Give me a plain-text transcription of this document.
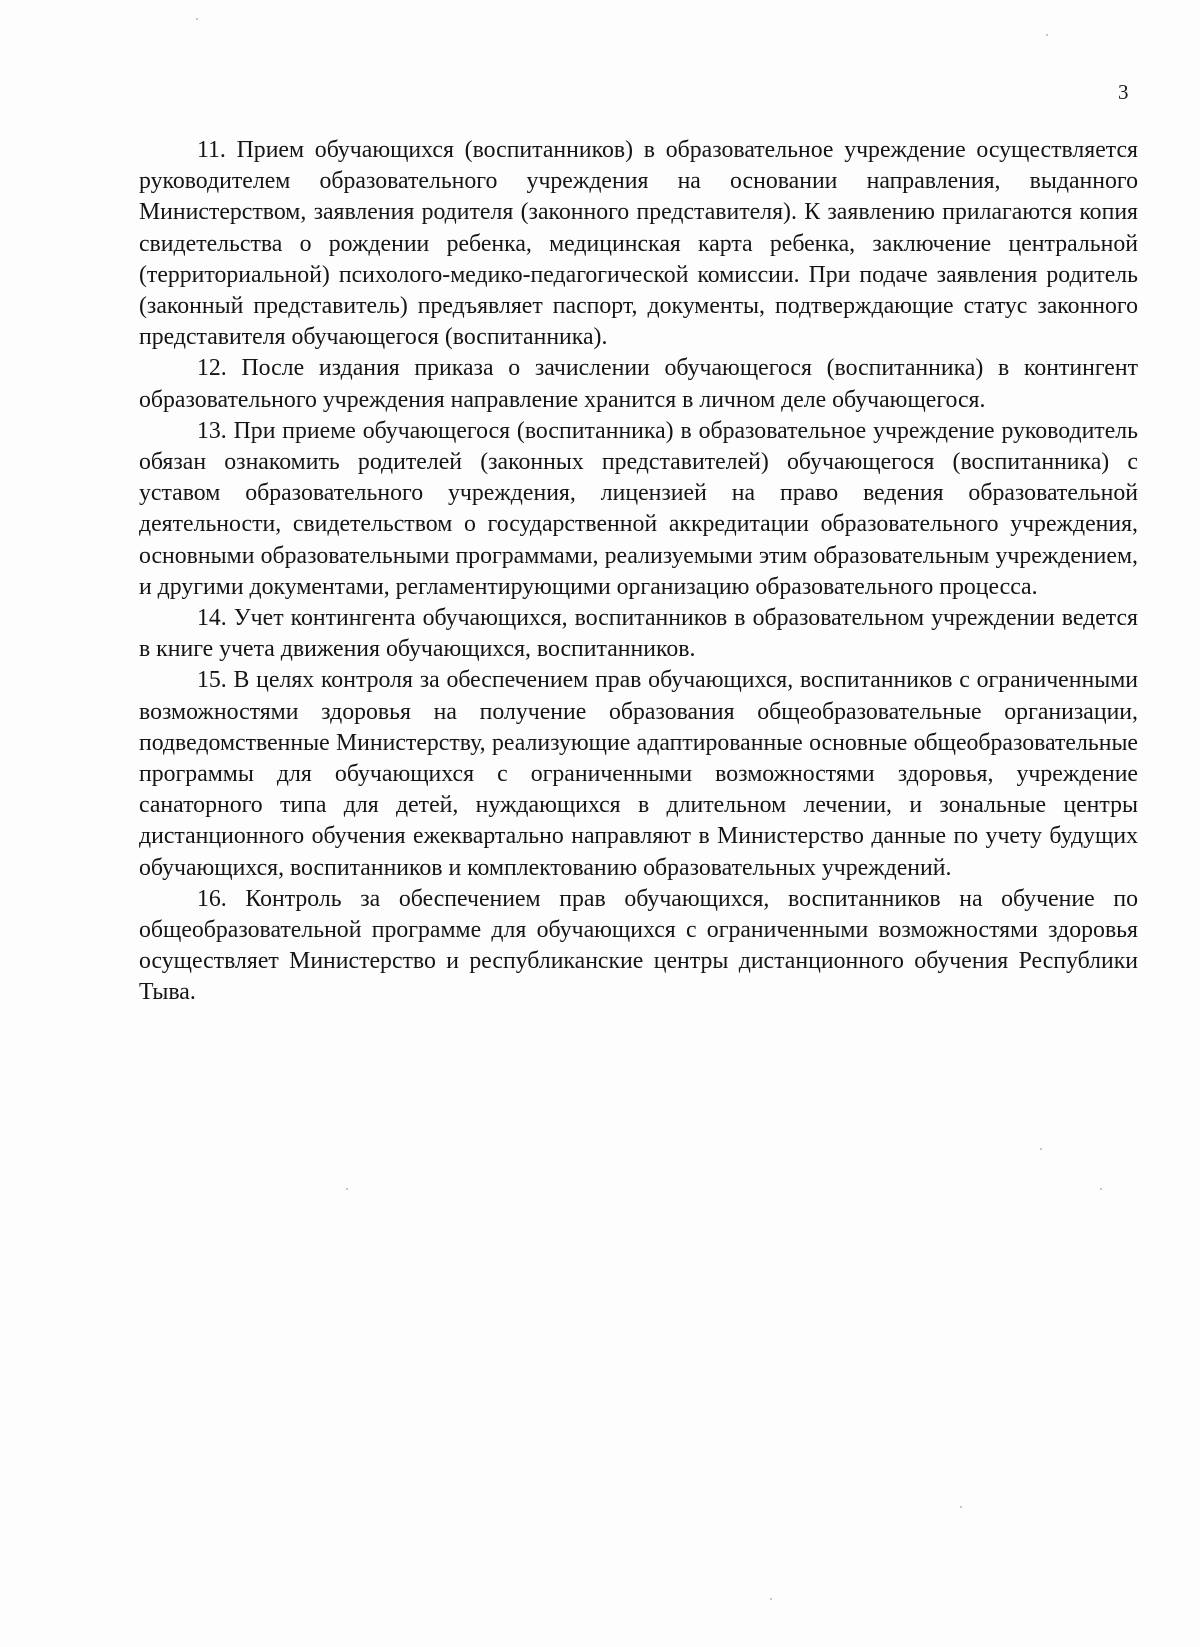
3

11. Прием обучающихся (воспитанников) в образовательное учреждение осуществляется руководителем образовательного учреждения на основании направления, выданного Министерством, заявления родителя (законного представителя). К заявлению прилагаются копия свидетельства о рождении ребенка, медицинская карта ребенка, заключение центральной (территориальной) психолого-медико-педагогической комиссии. При подаче заявления родитель (законный представитель) предъявляет паспорт, документы, подтверждающие статус законного представителя обучающегося (воспитанника).

12. После издания приказа о зачислении обучающегося (воспитанника) в контингент образовательного учреждения направление хранится в личном деле обучающегося.

13. При приеме обучающегося (воспитанника) в образовательное учреждение руководитель обязан ознакомить родителей (законных представителей) обучающегося (воспитанника) с уставом образовательного учреждения, лицензией на право ведения образовательной деятельности, свидетельством о государственной аккредитации образовательного учреждения, основными образовательными программами, реализуемыми этим образовательным учреждением, и другими документами, регламентирующими организацию образовательного процесса.

14. Учет контингента обучающихся, воспитанников в образовательном учреждении ведется в книге учета движения обучающихся, воспитанников.

15. В целях контроля за обеспечением прав обучающихся, воспитанников с ограниченными возможностями здоровья на получение образования общеобразовательные организации, подведомственные Министерству, реализующие адаптированные основные общеобразовательные программы для обучающихся с ограниченными возможностями здоровья, учреждение санаторного типа для детей, нуждающихся в длительном лечении, и зональные центры дистанционного обучения ежеквартально направляют в Министерство данные по учету будущих обучающихся, воспитанников и комплектованию образовательных учреждений.

16. Контроль за обеспечением прав обучающихся, воспитанников на обучение по общеобразовательной программе для обучающихся с ограниченными возможностями здоровья осуществляет Министерство и республиканские центры дистанционного обучения Республики Тыва.
